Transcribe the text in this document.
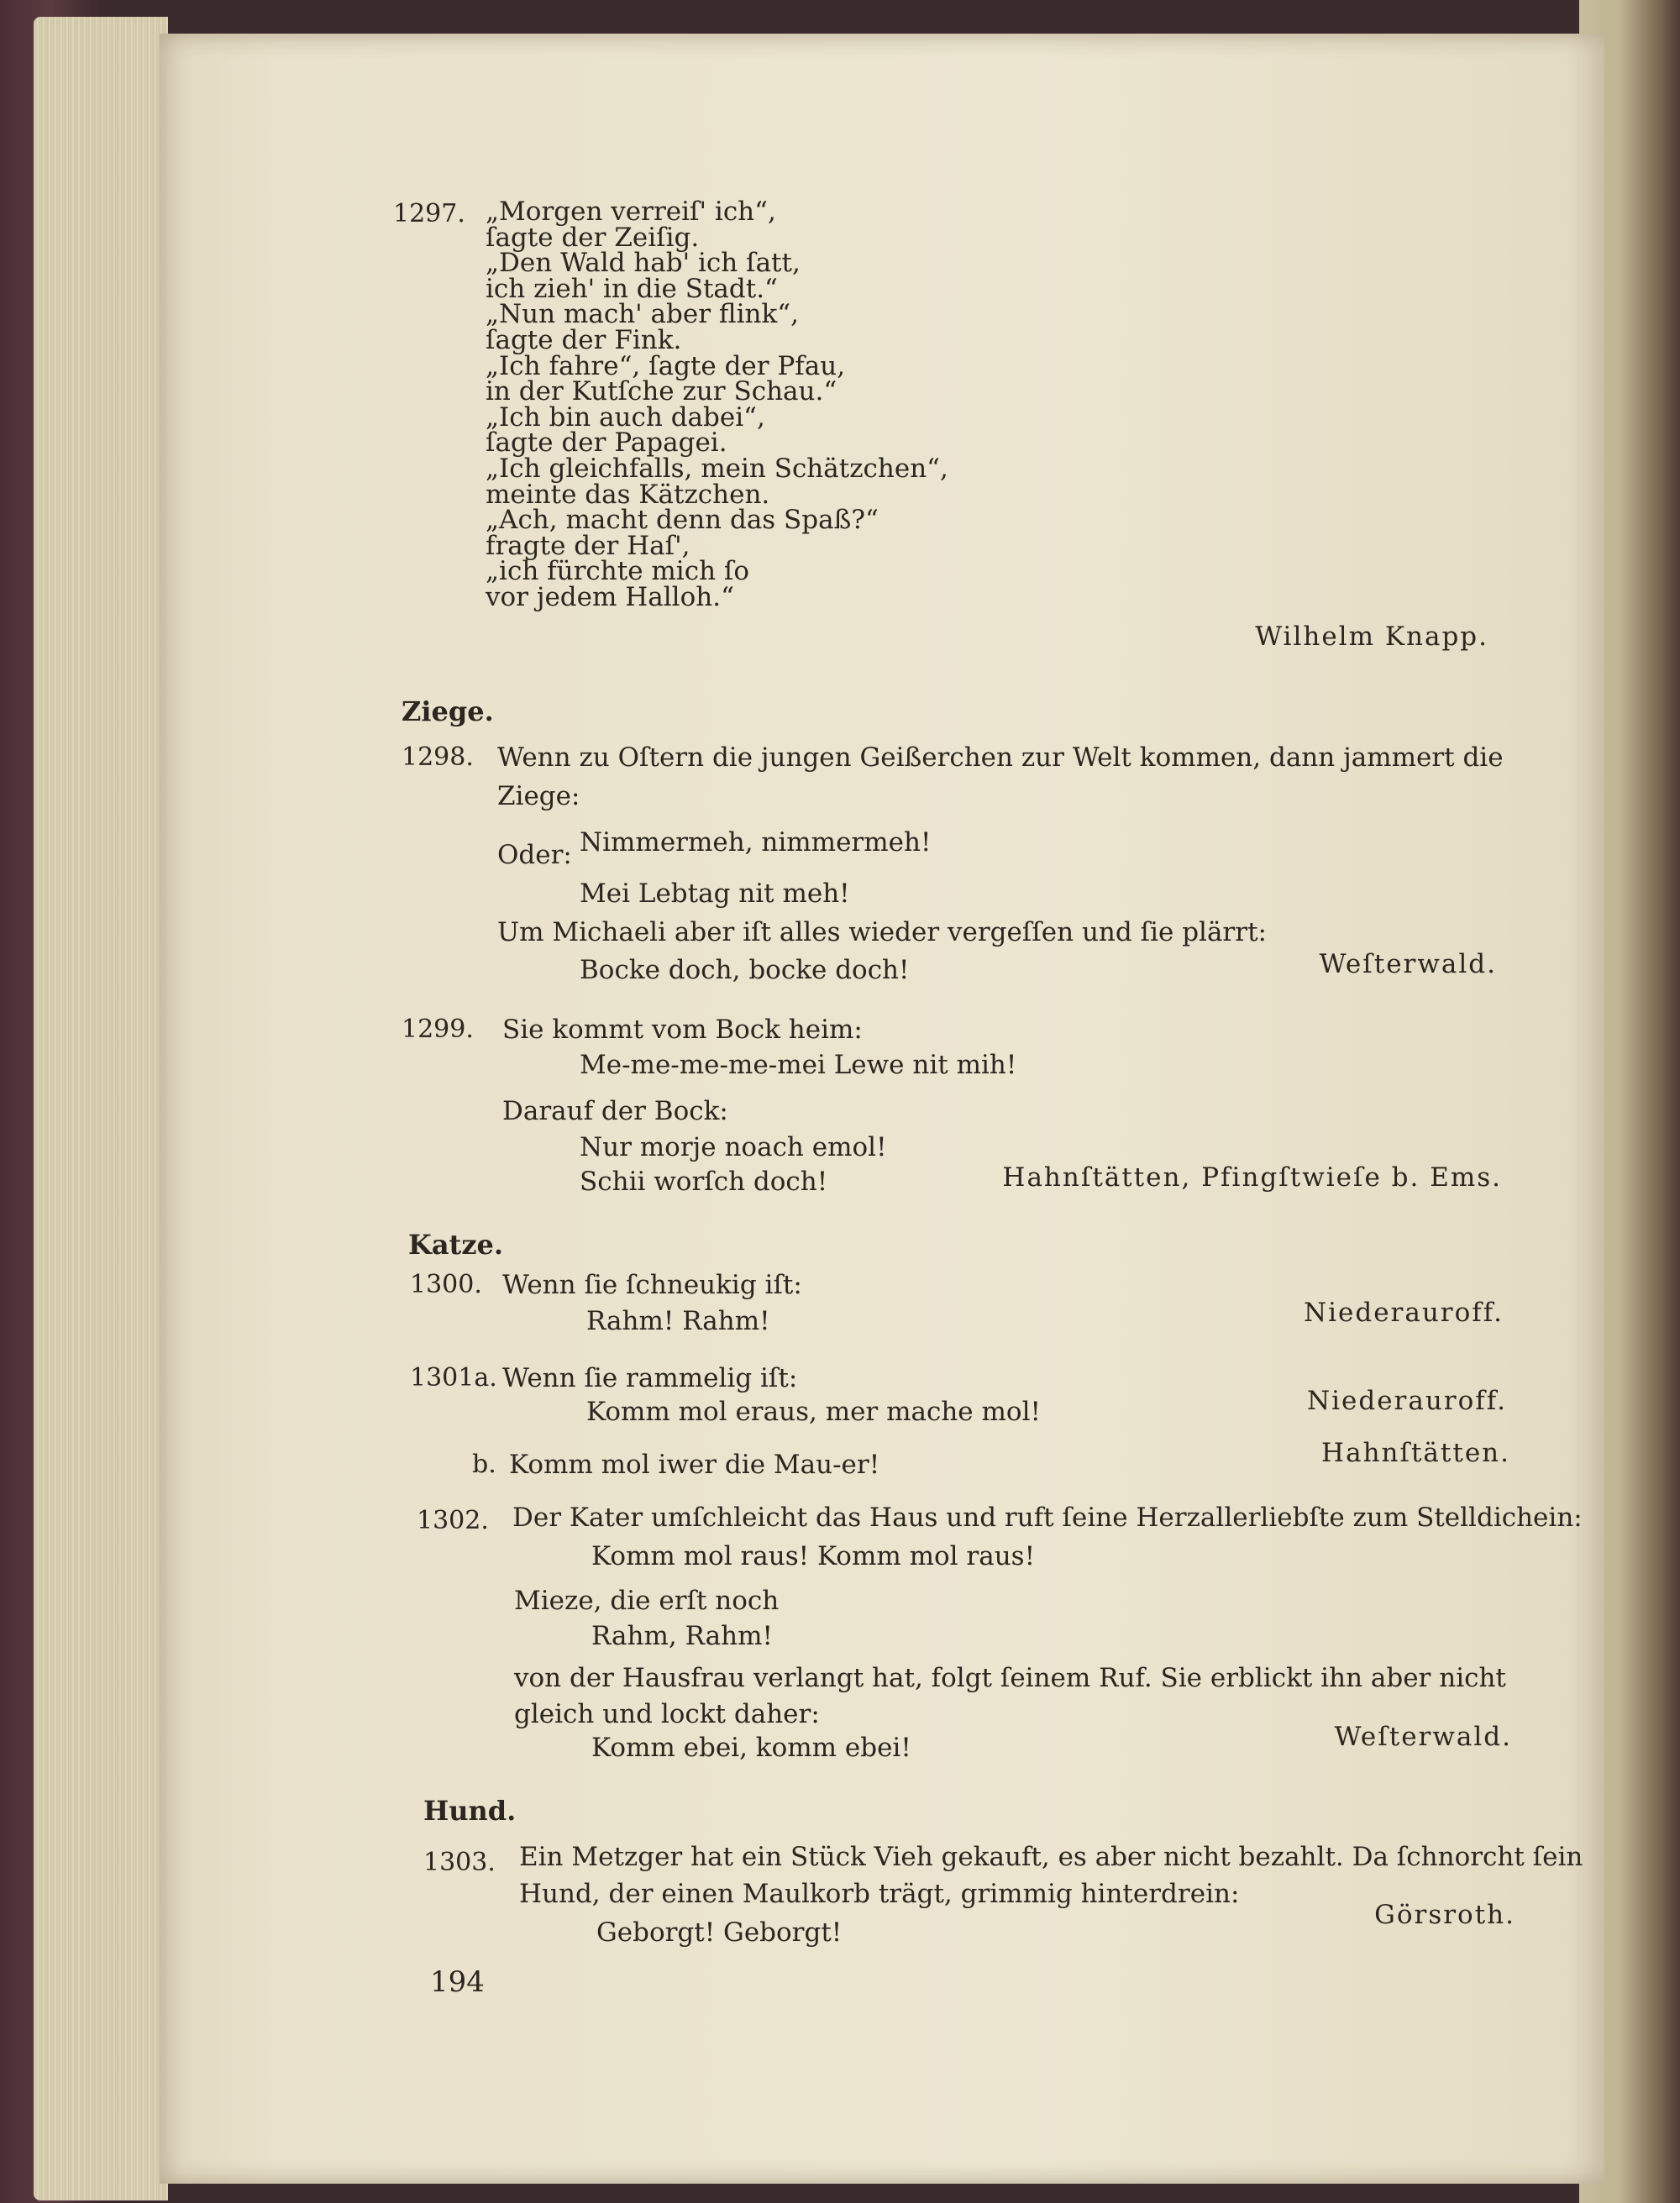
1297. „Morgen verreiſ' ich“,
ſagte der Zeiſig.
„Den Wald hab' ich ſatt,
ich zieh' in die Stadt.“
„Nun mach' aber flink“,
ſagte der Fink.
„Ich fahre“, ſagte der Pfau,
in der Kutſche zur Schau.“
„Ich bin auch dabei“,
ſagte der Papagei.
„Ich gleichfalls, mein Schätzchen“,
meinte das Kätzchen.
„Ach, macht denn das Spaß?“
fragte der Haſ',
„ich fürchte mich ſo
vor jedem Halloh.“
Wilhelm Knapp.
Ziege.
1298. Wenn zu Oſtern die jungen Geißerchen zur Welt kommen, dann jammert die
Ziege:
Nimmermeh, nimmermeh!
Oder:
Mei Lebtag nit meh!
Um Michaeli aber iſt alles wieder vergeſſen und ſie plärrt:
Bocke doch, bocke doch!	Weſterwald.
1299. Sie kommt vom Bock heim:
Me-me-me-me-mei Lewe nit mih!
Darauf der Bock:
Nur morje noach emol!
Schii worſch doch!	Hahnſtätten, Pfingſtwieſe b. Ems.
Katze.
1300. Wenn ſie ſchneukig iſt:
Rahm! Rahm!	Niederauroff.
1301a. Wenn ſie rammelig iſt:
Komm mol eraus, mer mache mol!	Niederauroff.
b. Komm mol iwer die Mau-er!	Hahnſtätten.
1302. Der Kater umſchleicht das Haus und ruft ſeine Herzallerliebſte zum Stelldichein:
Komm mol raus! Komm mol raus!
Mieze, die erſt noch
Rahm, Rahm!
von der Hausfrau verlangt hat, folgt ſeinem Ruf. Sie erblickt ihn aber nicht
gleich und lockt daher:
Komm ebei, komm ebei!	Weſterwald.
Hund.
1303. Ein Metzger hat ein Stück Vieh gekauft, es aber nicht bezahlt. Da ſchnorcht ſein
Hund, der einen Maulkorb trägt, grimmig hinterdrein:
Geborgt! Geborgt!
Görsroth.
194
